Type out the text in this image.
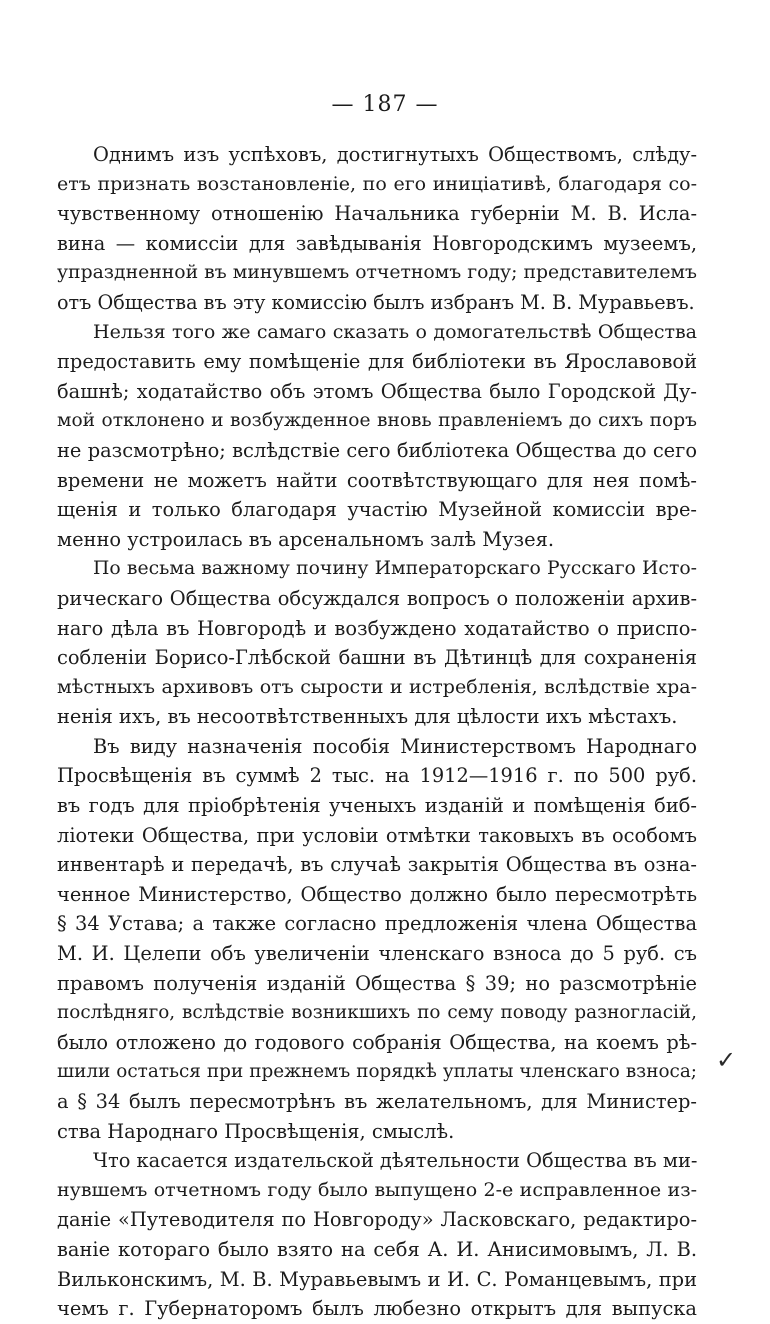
— 187 —
Однимъ изъ успѣховъ, достигнутыхъ Обществомъ, слѣду-
етъ признать возстановленіе, по его иниціативѣ, благодаря со-
чувственному отношенію Начальника губерніи М. В. Исла-
вина — комиссіи для завѣдыванія Новгородскимъ музеемъ,
упраздненной въ минувшемъ отчетномъ году; представителемъ
отъ Общества въ эту комиссію былъ избранъ М. В. Муравьевъ.
Нельзя того же самаго сказать о домогательствѣ Общества
предоставить ему помѣщеніе для библіотеки въ Ярославовой
башнѣ; ходатайство объ этомъ Общества было Городской Ду-
мой отклонено и возбужденное вновь правленіемъ до сихъ поръ
не разсмотрѣно; вслѣдствіе сего библіотека Общества до сего
времени не можетъ найти соотвѣтствующаго для нея помѣ-
щенія и только благодаря участію Музейной комиссіи вре-
менно устроилась въ арсенальномъ залѣ Музея.
По весьма важному почину Императорскаго Русскаго Исто-
рическаго Общества обсуждался вопросъ о положеніи архив-
наго дѣла въ Новгородѣ и возбуждено ходатайство о приспо-
собленіи Борисо-Глѣбской башни въ Дѣтинцѣ для сохраненія
мѣстныхъ архивовъ отъ сырости и истребленія, вслѣдствіе хра-
ненія ихъ, въ несоотвѣтственныхъ для цѣлости ихъ мѣстахъ.
Въ виду назначенія пособія Министерствомъ Народнаго
Просвѣщенія въ суммѣ 2 тыс. на 1912—1916 г. по 500 руб.
въ годъ для пріобрѣтенія ученыхъ изданій и помѣщенія биб-
ліотеки Общества, при условіи отмѣтки таковыхъ въ особомъ
инвентарѣ и передачѣ, въ случаѣ закрытія Общества въ озна-
ченное Министерство, Общество должно было пересмотрѣть
§ 34 Устава; а также согласно предложенія члена Общества
М. И. Целепи объ увеличеніи членскаго взноса до 5 руб. съ
правомъ полученія изданій Общества § 39; но разсмотрѣніе
послѣдняго, вслѣдствіе возникшихъ по сему поводу разногласій,
было отложено до годового собранія Общества, на коемъ рѣ-
шили остаться при прежнемъ порядкѣ уплаты членскаго взноса;
а § 34 былъ пересмотрѣнъ въ желательномъ, для Министер-
ства Народнаго Просвѣщенія, смыслѣ.
Что касается издательской дѣятельности Общества въ ми-
нувшемъ отчетномъ году было выпущено 2-е исправленное из-
даніе «Путеводителя по Новгороду» Ласковскаго, редактиро-
ваніе котораго было взято на себя А. И. Анисимовымъ, Л. В.
Вильконскимъ, М. В. Муравьевымъ и И. С. Романцевымъ, при
чемъ г. Губернаторомъ былъ любезно открытъ для выпуска
✓
